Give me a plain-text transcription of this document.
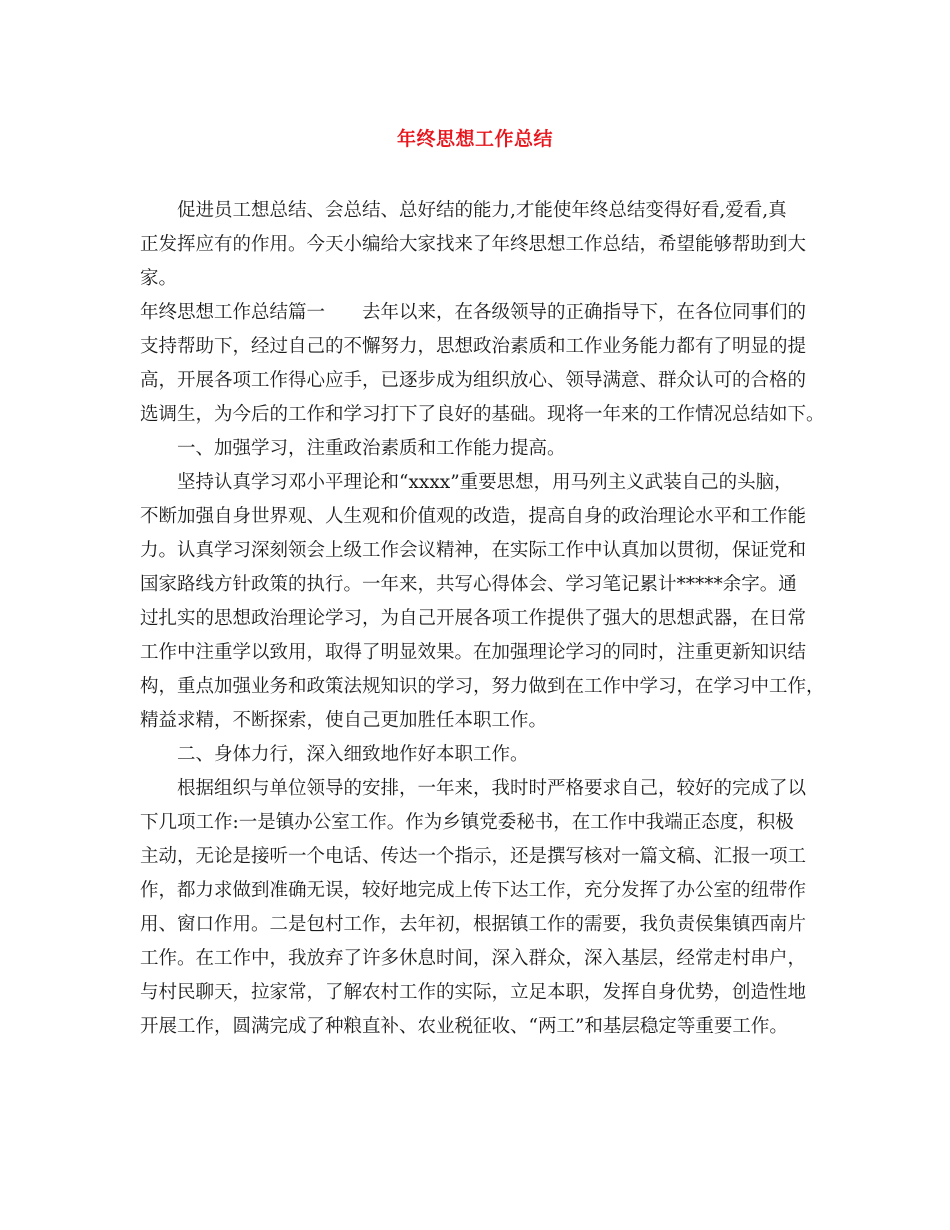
年终思想工作总结
促进员工想总结、会总结、总好结的能力,才能使年终总结变得好看,爱看,真
正发挥应有的作用。今天小编给大家找来了年终思想工作总结，希望能够帮助到大
家。
年终思想工作总结篇一　　去年以来，在各级领导的正确指导下，在各位同事们的
支持帮助下，经过自己的不懈努力，思想政治素质和工作业务能力都有了明显的提
高，开展各项工作得心应手，已逐步成为组织放心、领导满意、群众认可的合格的
选调生，为今后的工作和学习打下了良好的基础。现将一年来的工作情况总结如下。
一、加强学习，注重政治素质和工作能力提高。
坚持认真学习邓小平理论和“xxxx”重要思想，用马列主义武装自己的头脑，
不断加强自身世界观、人生观和价值观的改造，提高自身的政治理论水平和工作能
力。认真学习深刻领会上级工作会议精神，在实际工作中认真加以贯彻，保证党和
国家路线方针政策的执行。一年来，共写心得体会、学习笔记累计*****余字。通
过扎实的思想政治理论学习，为自己开展各项工作提供了强大的思想武器，在日常
工作中注重学以致用，取得了明显效果。在加强理论学习的同时，注重更新知识结
构，重点加强业务和政策法规知识的学习，努力做到在工作中学习，在学习中工作，
精益求精，不断探索，使自己更加胜任本职工作。
二、身体力行，深入细致地作好本职工作。
根据组织与单位领导的安排，一年来，我时时严格要求自己，较好的完成了以
下几项工作:一是镇办公室工作。作为乡镇党委秘书，在工作中我端正态度，积极
主动，无论是接听一个电话、传达一个指示，还是撰写核对一篇文稿、汇报一项工
作，都力求做到准确无误，较好地完成上传下达工作，充分发挥了办公室的纽带作
用、窗口作用。二是包村工作，去年初，根据镇工作的需要，我负责侯集镇西南片
工作。在工作中，我放弃了许多休息时间，深入群众，深入基层，经常走村串户，
与村民聊天，拉家常，了解农村工作的实际，立足本职，发挥自身优势，创造性地
开展工作，圆满完成了种粮直补、农业税征收、“两工”和基层稳定等重要工作。
